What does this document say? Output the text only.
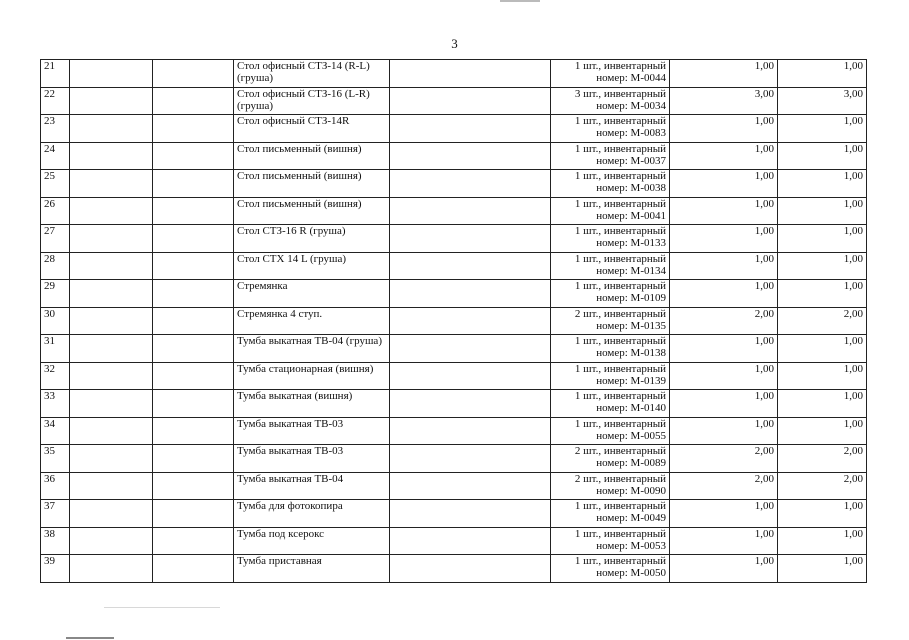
3
21			Стол офисный СТЗ-14 (R-L) (груша)		1 шт., инвентарный номер: М-0044	1,00	1,00
22			Стол офисный СТЗ-16 (L-R) (груша)		3 шт., инвентарный номер: М-0034	3,00	3,00
23			Стол офисный СТЗ-14R		1 шт., инвентарный номер: М-0083	1,00	1,00
24			Стол письменный (вишня)		1 шт., инвентарный номер: М-0037	1,00	1,00
25			Стол письменный (вишня)		1 шт., инвентарный номер: М-0038	1,00	1,00
26			Стол письменный (вишня)		1 шт., инвентарный номер: М-0041	1,00	1,00
27			Стол СТЗ-16 R (груша)		1 шт., инвентарный номер: М-0133	1,00	1,00
28			Стол СТХ 14 L (груша)		1 шт., инвентарный номер: М-0134	1,00	1,00
29			Стремянка		1 шт., инвентарный номер: М-0109	1,00	1,00
30			Стремянка 4 ступ.		2 шт., инвентарный номер: М-0135	2,00	2,00
31			Тумба выкатная ТВ-04 (груша)		1 шт., инвентарный номер: М-0138	1,00	1,00
32			Тумба стационарная (вишня)		1 шт., инвентарный номер: М-0139	1,00	1,00
33			Тумба выкатная (вишня)		1 шт., инвентарный номер: М-0140	1,00	1,00
34			Тумба выкатная ТВ-03		1 шт., инвентарный номер: М-0055	1,00	1,00
35			Тумба выкатная ТВ-03		2 шт., инвентарный номер: М-0089	2,00	2,00
36			Тумба выкатная ТВ-04		2 шт., инвентарный номер: М-0090	2,00	2,00
37			Тумба для фотокопира		1 шт., инвентарный номер: М-0049	1,00	1,00
38			Тумба под ксерокс		1 шт., инвентарный номер: М-0053	1,00	1,00
39			Тумба приставная		1 шт., инвентарный номер: М-0050	1,00	1,00
